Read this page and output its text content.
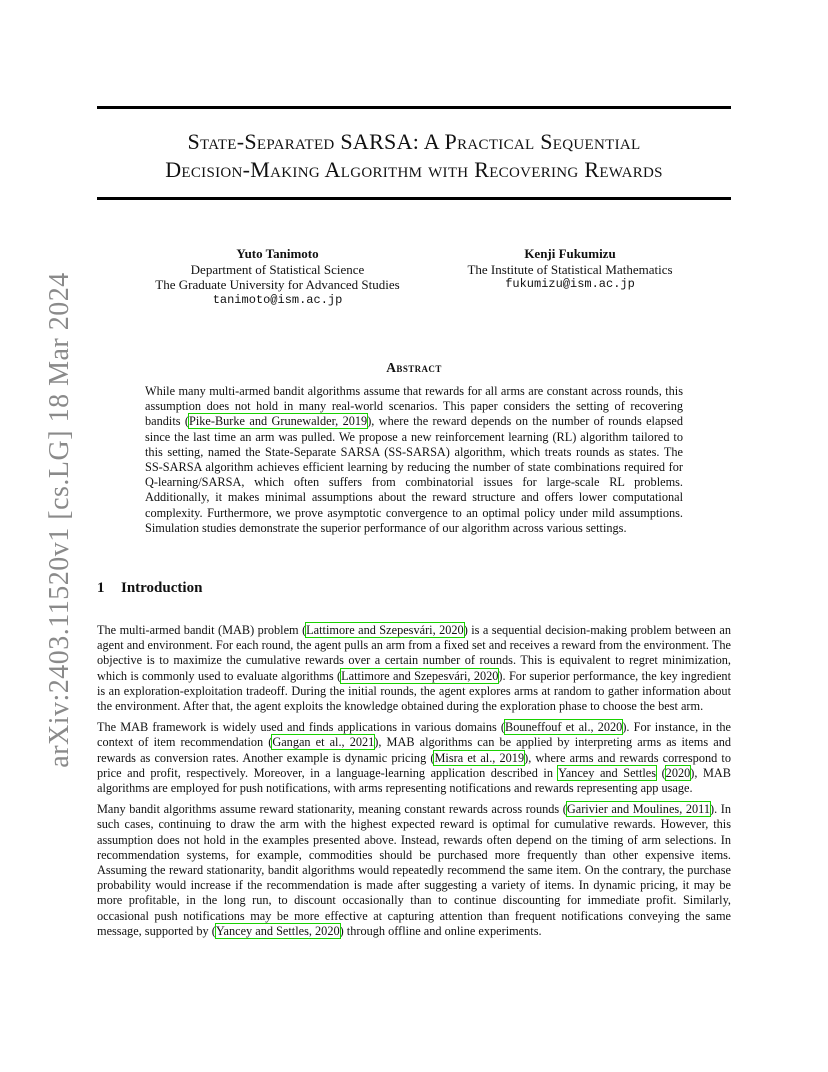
arXiv:2403.11520v1 [cs.LG] 18 Mar 2024
State-Separated SARSA: A Practical Sequential
Decision-Making Algorithm with Recovering Rewards
Yuto Tanimoto
Department of Statistical Science
The Graduate University for Advanced Studies
tanimoto@ism.ac.jp
Kenji Fukumizu
The Institute of Statistical Mathematics
fukumizu@ism.ac.jp
Abstract
While many multi-armed bandit algorithms assume that rewards for all arms are constant across rounds, this assumption does not hold in many real-world scenarios. This paper considers the setting of recovering bandits (Pike-Burke and Grunewalder, 2019), where the reward depends on the number of rounds elapsed since the last time an arm was pulled. We propose a new reinforcement learning (RL) algorithm tailored to this setting, named the State-Separate SARSA (SS-SARSA) algorithm, which treats rounds as states. The SS-SARSA algorithm achieves efficient learning by reducing the number of state combinations required for Q-learning/SARSA, which often suffers from combinatorial issues for large-scale RL problems. Additionally, it makes minimal assumptions about the reward structure and offers lower computational complexity. Furthermore, we prove asymptotic convergence to an optimal policy under mild assumptions. Simulation studies demonstrate the superior performance of our algorithm across various settings.
1 Introduction

The multi-armed bandit (MAB) problem (Lattimore and Szepesvári, 2020) is a sequential decision-making problem between an agent and environment. For each round, the agent pulls an arm from a fixed set and receives a reward from the environment. The objective is to maximize the cumulative rewards over a certain number of rounds. This is equivalent to regret minimization, which is commonly used to evaluate algorithms (Lattimore and Szepesvári, 2020). For superior performance, the key ingredient is an exploration-exploitation tradeoff. During the initial rounds, the agent explores arms at random to gather information about the environment. After that, the agent exploits the knowledge obtained during the exploration phase to choose the best arm.

The MAB framework is widely used and finds applications in various domains (Bouneffouf et al., 2020). For instance, in the context of item recommendation (Gangan et al., 2021), MAB algorithms can be applied by interpreting arms as items and rewards as conversion rates. Another example is dynamic pricing (Misra et al., 2019), where arms and rewards correspond to price and profit, respectively. Moreover, in a language-learning application described in Yancey and Settles (2020), MAB algorithms are employed for push notifications, with arms representing notifications and rewards representing app usage.

Many bandit algorithms assume reward stationarity, meaning constant rewards across rounds (Garivier and Moulines, 2011). In such cases, continuing to draw the arm with the highest expected reward is optimal for cumulative rewards. However, this assumption does not hold in the examples presented above. Instead, rewards often depend on the timing of arm selections. In recommendation systems, for example, commodities should be purchased more frequently than other expensive items. Assuming the reward stationarity, bandit algorithms would repeatedly recommend the same item. On the contrary, the purchase probability would increase if the recommendation is made after suggesting a variety of items. In dynamic pricing, it may be more profitable, in the long run, to discount occasionally than to continue discounting for immediate profit. Similarly, occasional push notifications may be more effective at capturing attention than frequent notifications conveying the same message, supported by (Yancey and Settles, 2020) through offline and online experiments.
